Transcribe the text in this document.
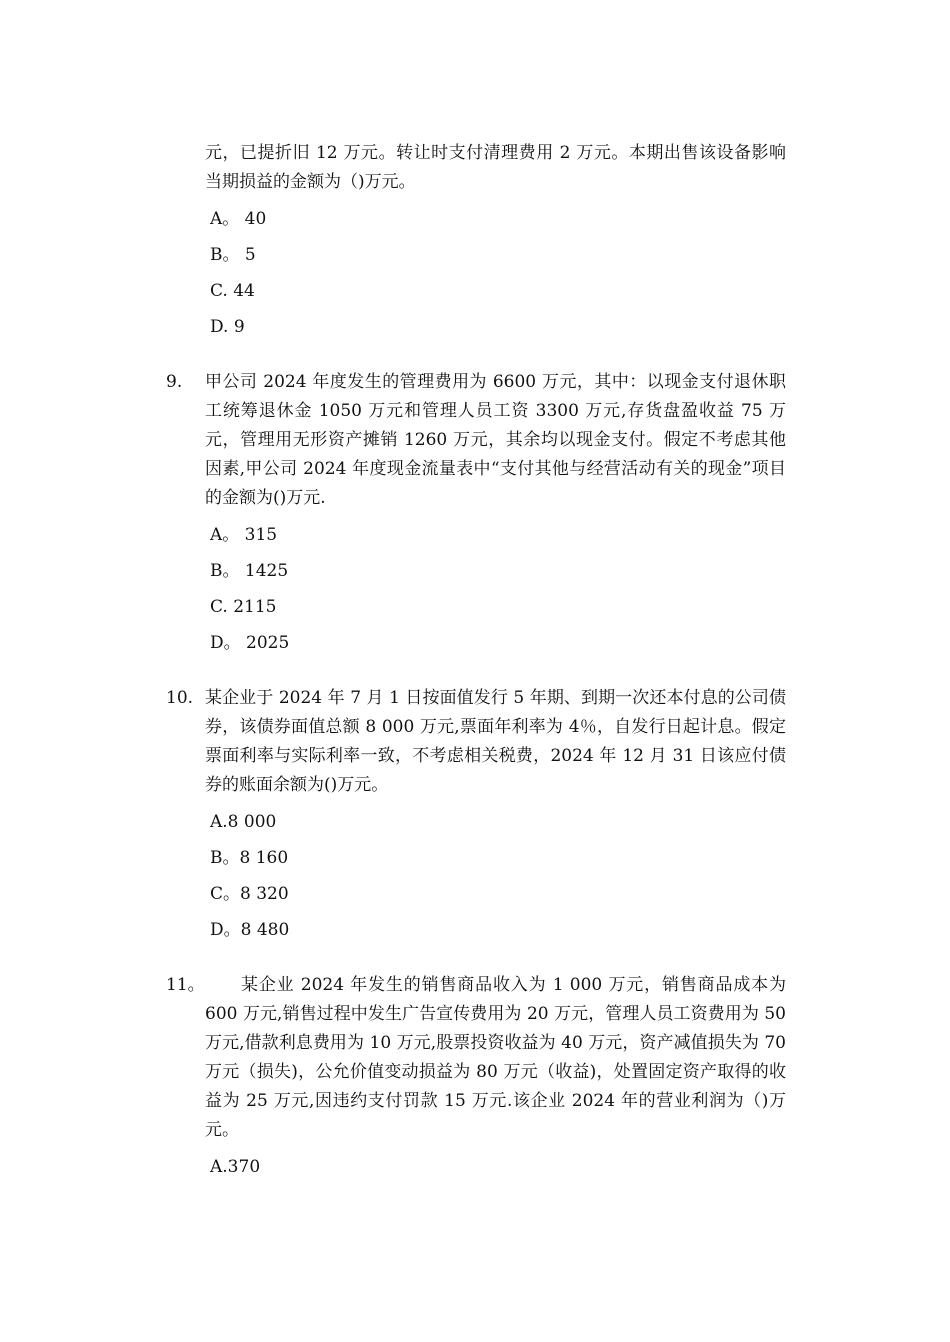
元，已提折旧 12 万元。转让时支付清理费用 2 万元。本期出售该设备影响当期损益的金额为（)万元。
A。 40
B。 5
C. 44
D. 9
9. 甲公司 2024 年度发生的管理费用为 6600 万元，其中：以现金支付退休职工统筹退休金 1050 万元和管理人员工资 3300 万元,存货盘盈收益 75 万元，管理用无形资产摊销 1260 万元，其余均以现金支付。假定不考虑其他因素,甲公司 2024 年度现金流量表中“支付其他与经营活动有关的现金”项目的金额为()万元.
A。 315
B。 1425
C. 2115
D。 2025
10. 某企业于 2024 年 7 月 1 日按面值发行 5 年期、到期一次还本付息的公司债券，该债券面值总额 8 000 万元,票面年利率为 4％，自发行日起计息。假定票面利率与实际利率一致，不考虑相关税费，2024 年 12 月 31 日该应付债券的账面余额为()万元。
A.8 000
B。8 160
C。8 320
D。8 480
11。	某企业 2024 年发生的销售商品收入为 1 000 万元，销售商品成本为 600 万元,销售过程中发生广告宣传费用为 20 万元，管理人员工资费用为 50 万元,借款利息费用为 10 万元,股票投资收益为 40 万元，资产减值损失为 70 万元（损失)，公允价值变动损益为 80 万元（收益)，处置固定资产取得的收益为 25 万元,因违约支付罚款 15 万元.该企业 2024 年的营业利润为（)万元。
A.370
